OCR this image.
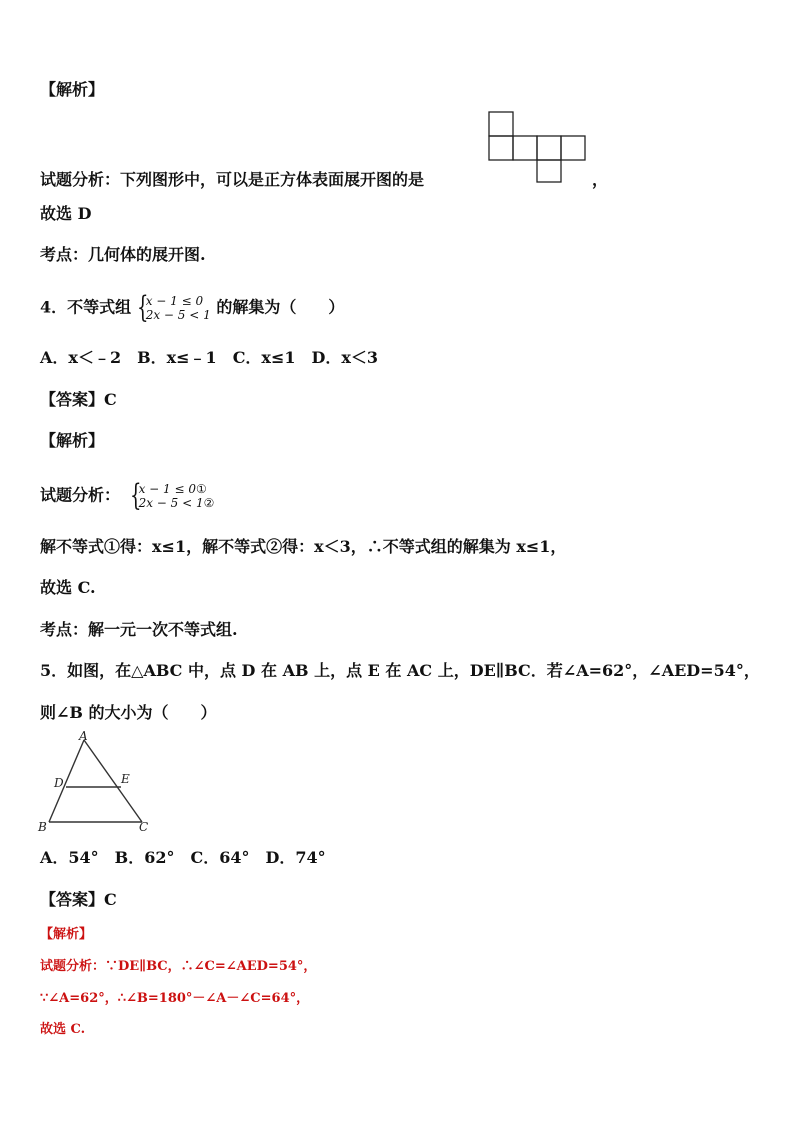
【解析】
试题分析：下列图形中，可以是正方体表面展开图的是	，
故选 D
考点：几何体的展开图.
4．不等式组 {
x − 1 ≤ 0
2x − 5 < 1 的解集为（　　）
A．x＜﹣2　B．x≤﹣1　C．x≤1　D．x＜3
【答案】C
【解析】
试题分析： {
x − 1 ≤ 0①
2x − 5 < 1②
解不等式①得：x≤1，解不等式②得：x＜3，∴不等式组的解集为 x≤1，
故选 C.
考点：解一元一次不等式组.
5．如图，在△ABC 中，点 D 在 AB 上，点 E 在 AC 上，DE∥BC．若∠A=62°，∠AED=54°，
则∠B 的大小为（　　）
A
D	E
B	C
A．54°　B．62°　C．64°　D．74°
【答案】C
【解析】
试题分析：∵DE∥BC，∴∠C=∠AED=54°，
∵∠A=62°，∴∠B=180°－∠A－∠C=64°，
故选 C.
